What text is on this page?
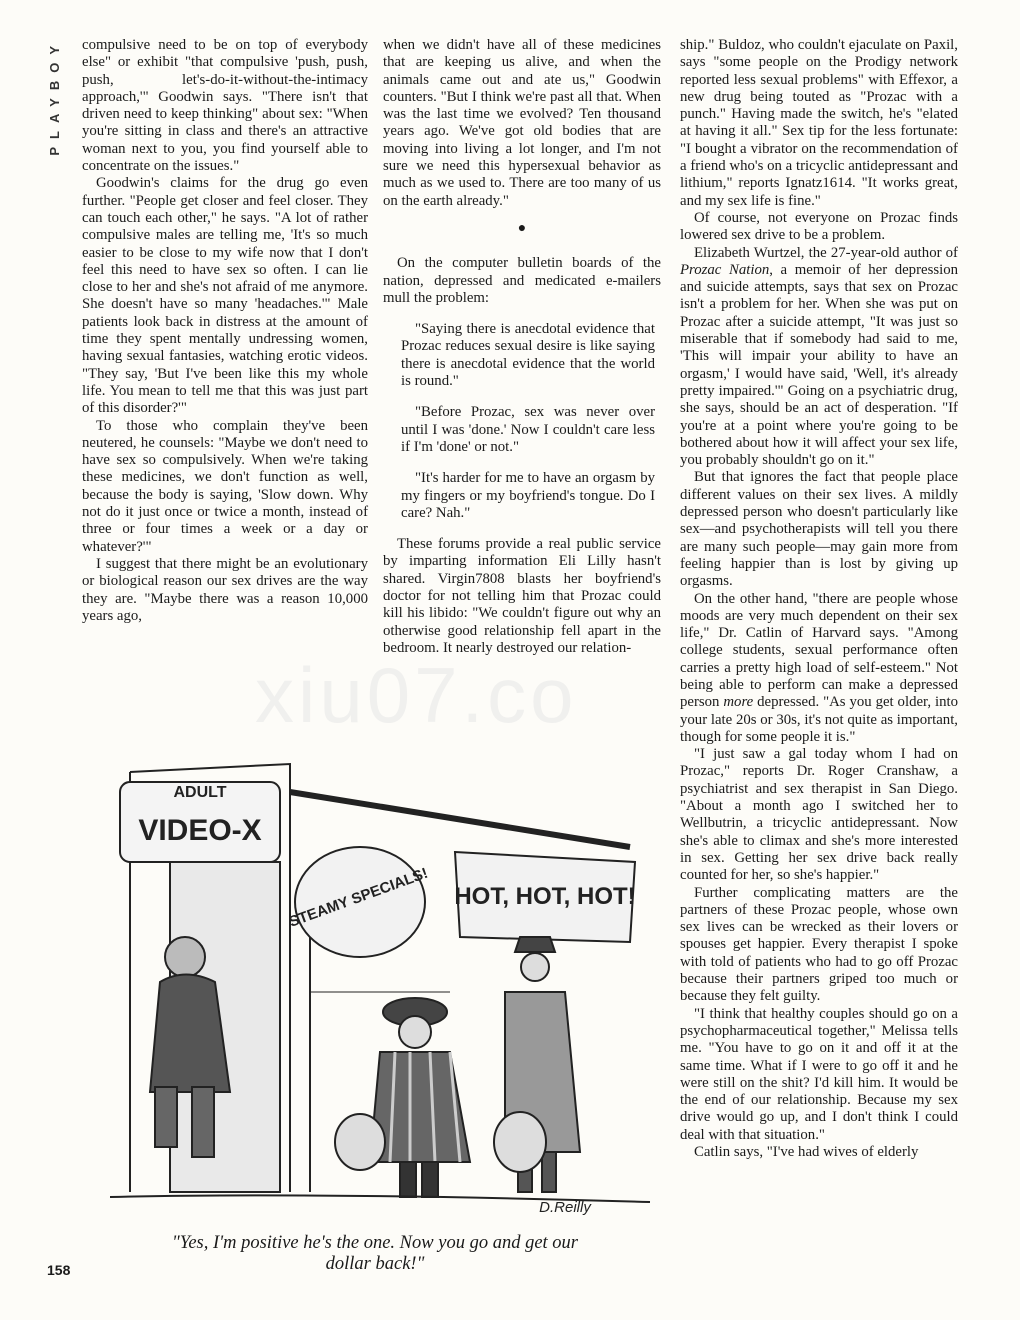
PLAYBOY	compulsive need to be on top of everybody else" or exhibit "that compulsive 'push, push, push, let's-do-it-without-the-intimacy approach,'" Goodwin says. "There isn't that driven need to keep thinking" about sex: "When you're sitting in class and there's an attractive woman next to you, you find yourself able to concentrate on the issues."

Goodwin's claims for the drug go even further. "People get closer and feel closer. They can touch each other," he says. "A lot of rather compulsive males are telling me, 'It's so much easier to be close to my wife now that I don't feel this need to have sex so often. I can lie close to her and she's not afraid of me anymore. She doesn't have so many 'headaches.'" Male patients look back in distress at the amount of time they spent mentally undressing women, having sexual fantasies, watching erotic videos. "They say, 'But I've been like this my whole life. You mean to tell me that this was just part of this disorder?'"

To those who complain they've been neutered, he counsels: "Maybe we don't need to have sex so compulsively. When we're taking these medicines, we don't function as well, because the body is saying, 'Slow down. Why not do it just once or twice a month, instead of three or four times a week or a day or whatever?'"

I suggest that there might be an evolutionary or biological reason our sex drives are the way they are. "Maybe there was a reason 10,000 years ago,

when we didn't have all of these medicines that are keeping us alive, and when the animals came out and ate us," Goodwin counters. "But I think we're past all that. When was the last time we evolved? Ten thousand years ago. We've got old bodies that are moving into living a lot longer, and I'm not sure we need this hypersexual behavior as much as we used to. There are too many of us on the earth already."

●

On the computer bulletin boards of the nation, depressed and medicated e-mailers mull the problem:

"Saying there is anecdotal evidence that Prozac reduces sexual desire is like saying there is anecdotal evidence that the world is round."

"Before Prozac, sex was never over until I was 'done.' Now I couldn't care less if I'm 'done' or not."

"It's harder for me to have an orgasm by my fingers or my boyfriend's tongue. Do I care? Nah."

These forums provide a real public service by imparting information Eli Lilly hasn't shared. Virgin7808 blasts her boyfriend's doctor for not telling him that Prozac could kill his libido: "We couldn't figure out why an otherwise good relationship fell apart in the bedroom. It nearly destroyed our relation-

ship." Buldoz, who couldn't ejaculate on Paxil, says "some people on the Prodigy network reported less sexual problems" with Effexor, a new drug being touted as "Prozac with a punch." Having made the switch, he's "elated at having it all." Sex tip for the less fortunate: "I bought a vibrator on the recommendation of a friend who's on a tricyclic antidepressant and lithium," reports Ignatz1614. "It works great, and my sex life is fine."

Of course, not everyone on Prozac finds lowered sex drive to be a problem.

Elizabeth Wurtzel, the 27-year-old author of Prozac Nation, a memoir of her depression and suicide attempts, says that sex on Prozac isn't a problem for her. When she was put on Prozac after a suicide attempt, "It was just so miserable that if somebody had said to me, 'This will impair your ability to have an orgasm,' I would have said, 'Well, it's already pretty impaired.'" Going on a psychiatric drug, she says, should be an act of desperation. "If you're at a point where you're going to be bothered about how it will affect your sex life, you probably shouldn't go on it."

But that ignores the fact that people place different values on their sex lives. A mildly depressed person who doesn't particularly like sex—and psychotherapists will tell you there are many such people—may gain more from feeling happier than is lost by giving up orgasms.

On the other hand, "there are people whose moods are very much dependent on their sex life," Dr. Catlin of Harvard says. "Among college students, sexual performance often carries a pretty high load of self-esteem." Not being able to perform can make a depressed person more depressed. "As you get older, into your late 20s or 30s, it's not quite as important, though for some people it is."

"I just saw a gal today whom I had on Prozac," reports Dr. Roger Cranshaw, a psychiatrist and sex therapist in San Diego. "About a month ago I switched her to Wellbutrin, a tricyclic antidepressant. Now she's able to climax and she's more interested in sex. Getting her sex drive back really counted for her, so she's happier."

Further complicating matters are the partners of these Prozac people, whose own sex lives can be wrecked as their lovers or spouses get happier. Every therapist I spoke with told of patients who had to go off Prozac because their partners griped too much or because they felt guilty.

"I think that healthy couples should go on a psychopharmaceutical together," Melissa tells me. "You have to go on it and off it at the same time. What if I were to go off it and he were still on the shit? I'd kill him. It would be the end of our relationship. Because my sex drive would go up, and I don't think I could deal with that situation."

Catlin says, "I've had wives of elderly

ADULT
VIDEO-X
STEAMY SPECIALS! HOT, HOT, HOT!
D.Reilly
"Yes, I'm positive he's the one. Now you go and get our dollar back!"
xiu07.co
158
